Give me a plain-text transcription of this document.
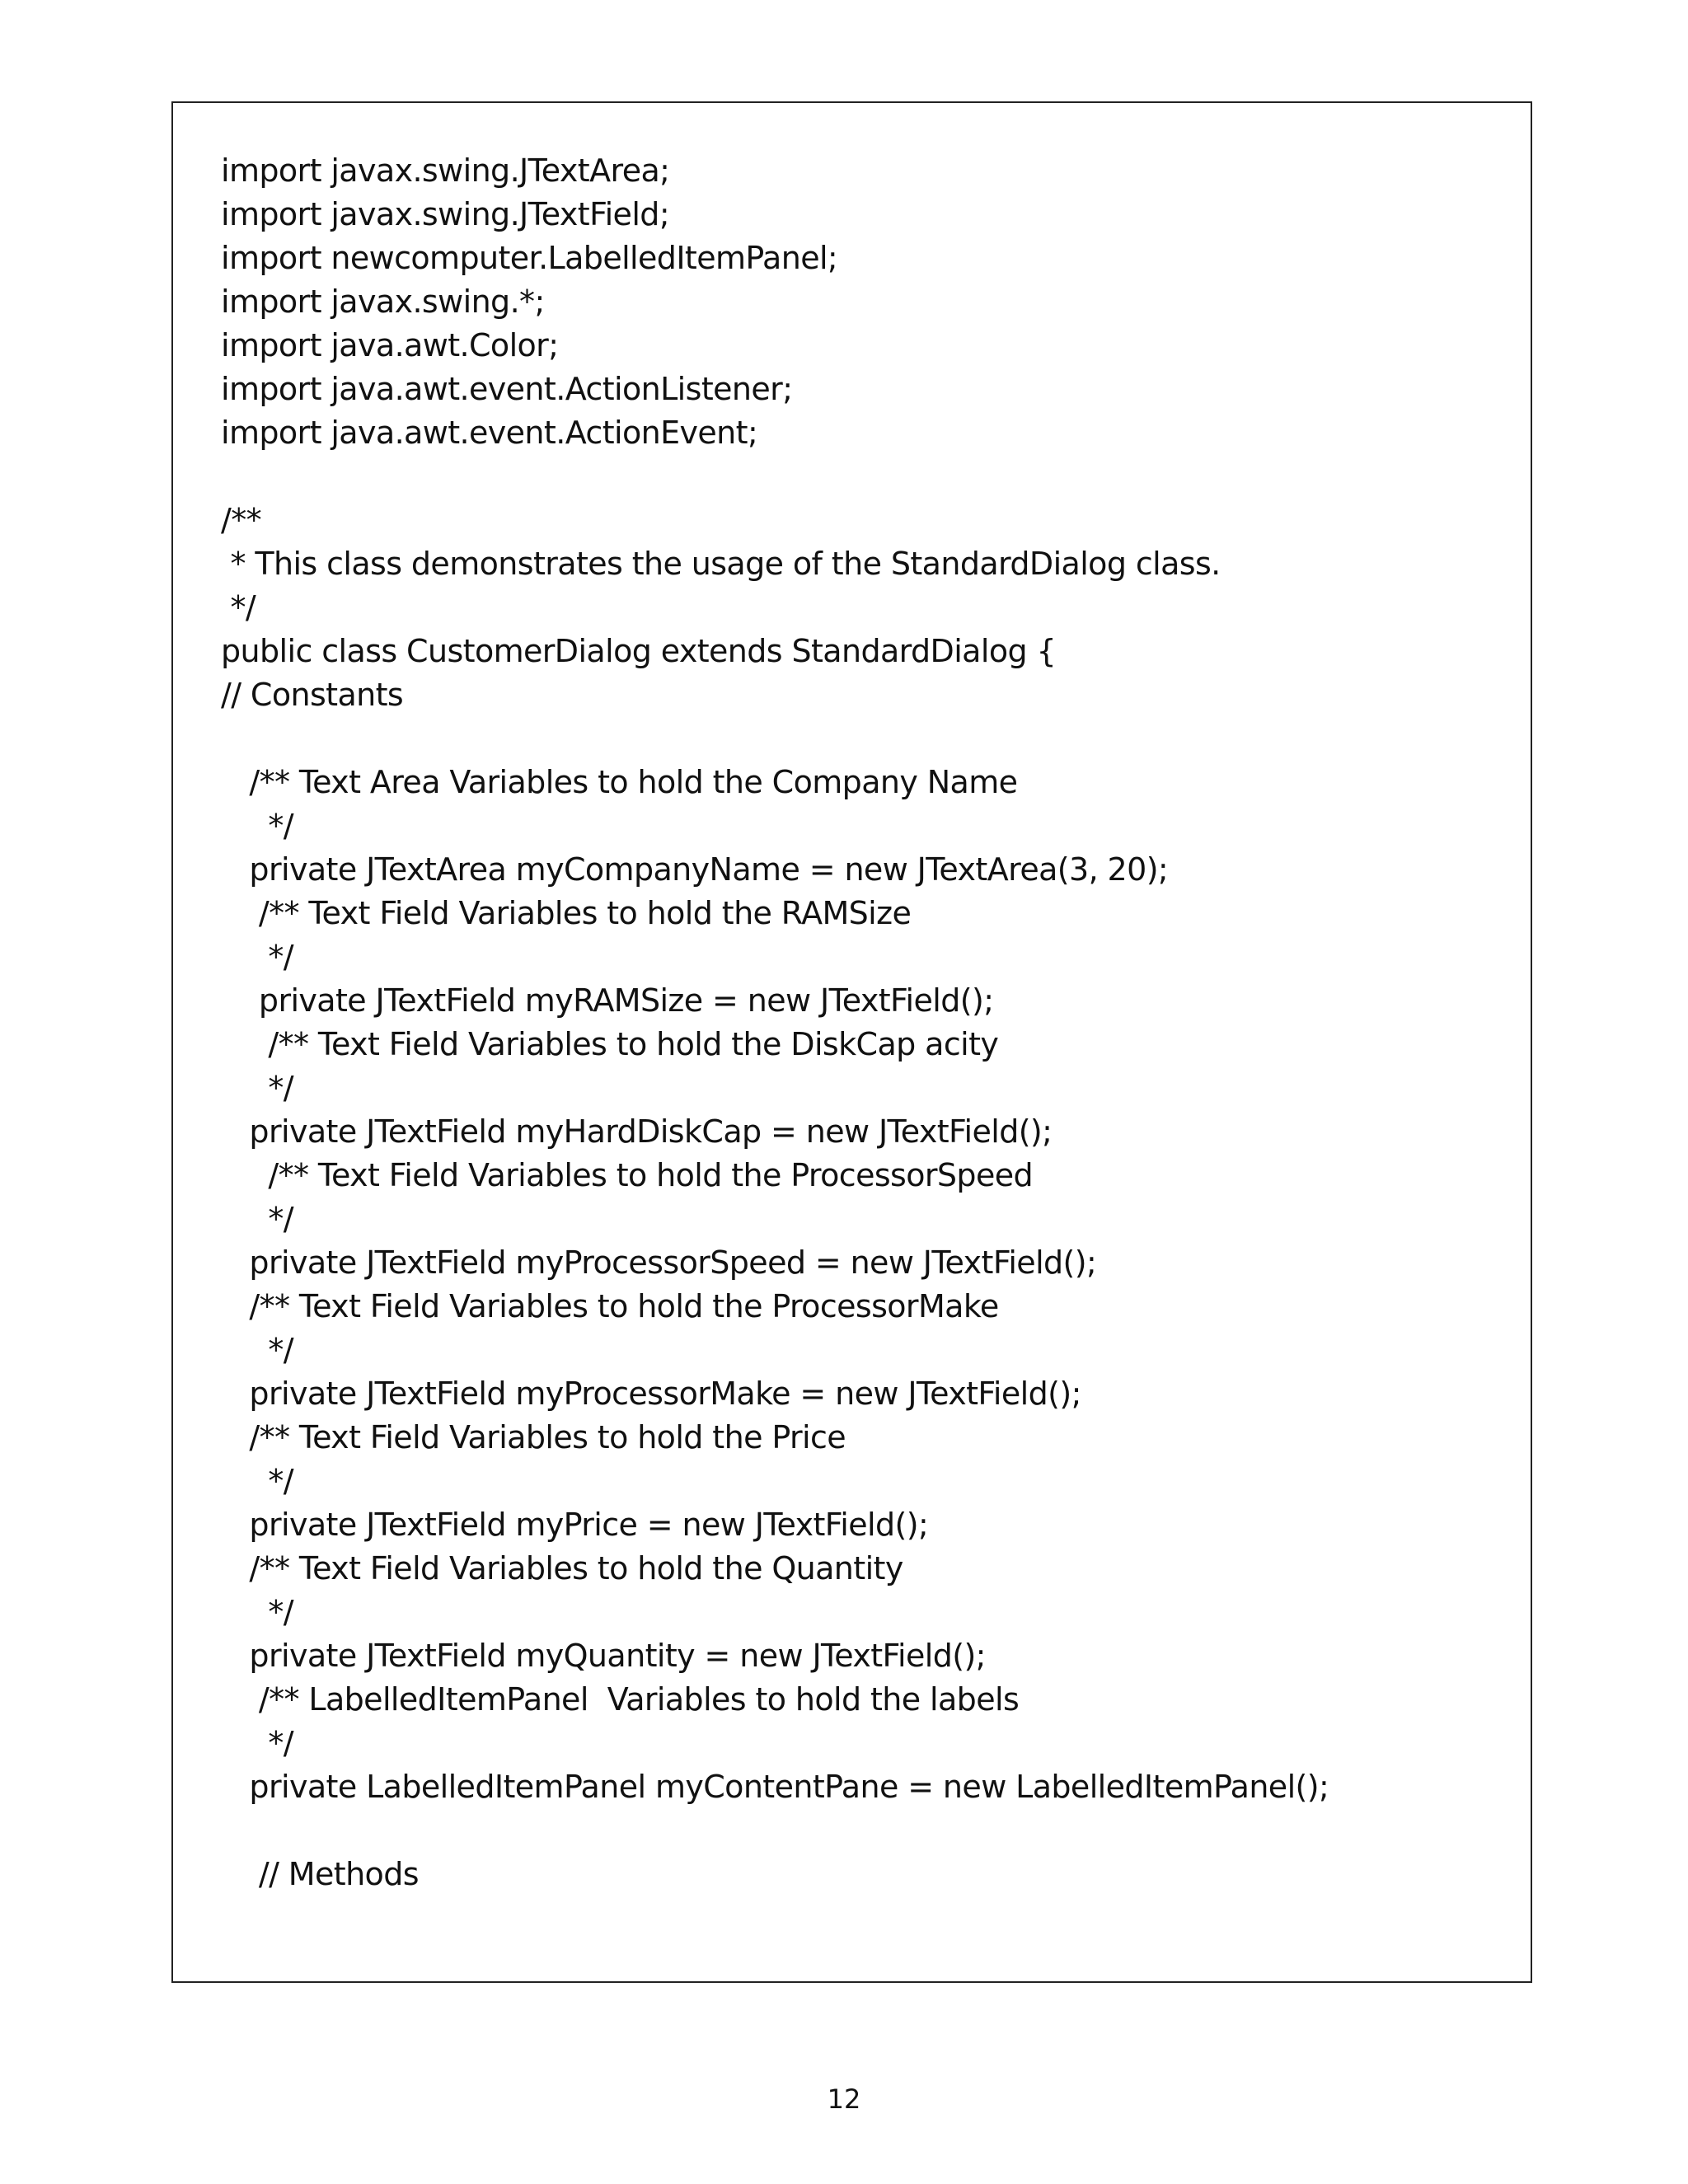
import javax.swing.JTextArea;
import javax.swing.JTextField;
import newcomputer.LabelledItemPanel;
import javax.swing.*;
import java.awt.Color;
import java.awt.event.ActionListener;
import java.awt.event.ActionEvent;
/**
* This class demonstrates the usage of the StandardDialog class.
*/
public class CustomerDialog extends StandardDialog {
// Constants
/** Text Area Variables to hold the Company Name
*/
private JTextArea myCompanyName = new JTextArea(3, 20);
/** Text Field Variables to hold the RAMSize
*/
private JTextField myRAMSize = new JTextField();
/** Text Field Variables to hold the DiskCap acity
*/
private JTextField myHardDiskCap = new JTextField();
/** Text Field Variables to hold the ProcessorSpeed
*/
private JTextField myProcessorSpeed = new JTextField();
/** Text Field Variables to hold the ProcessorMake
*/
private JTextField myProcessorMake = new JTextField();
/** Text Field Variables to hold the Price
*/
private JTextField myPrice = new JTextField();
/** Text Field Variables to hold the Quantity
*/
private JTextField myQuantity = new JTextField();
/** LabelledItemPanel  Variables to hold the labels
*/
private LabelledItemPanel myContentPane = new LabelledItemPanel();
// Methods
12
